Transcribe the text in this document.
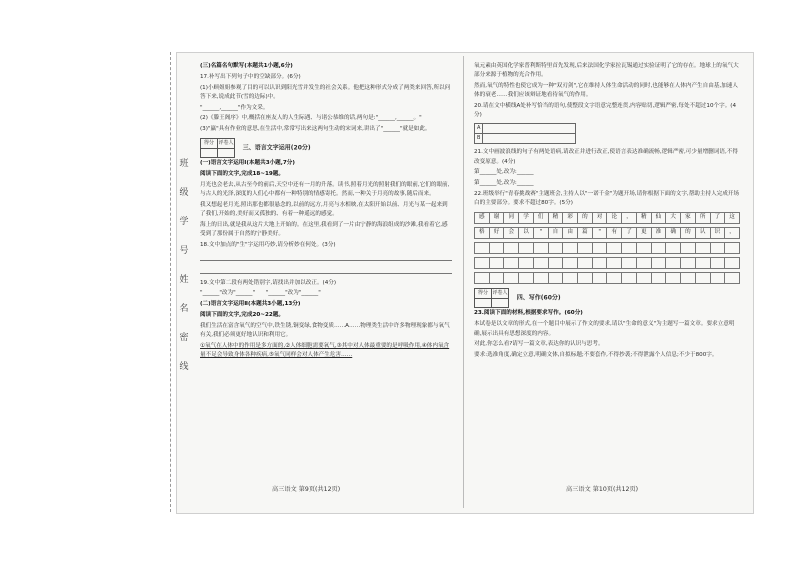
班
级
学
号
姓
名
密
线

(三)名篇名句默写(本题共1小题,6分)

17.补写出下列句子中的空缺部分。(6分)

(1)小顾姐姐参观了目的可以认识到阳光雪并发生的社会关系。他把这种形式分成了两类来回答,所以问答下来,说成此节(雪的边际)中。

"______,______"作为文采。

(2)《滕王阁序》中,概括在座友人的人生际遇、与诸公恭维的话,两句是:"______,______。"

(3)"赢"具有作业的意思,在生活中,常常写出来这两句生动的宋词来,讲出了"______"就是如此。

得分	评卷人
	三、语言文字运用(20分)

(一)语言文字运用Ⅰ(本题共3小题,7分)

阅读下面的文字,完成18~19题。

月光也会老去,从古至今的前后,天空中还有一月的升落。读书,照着月光的照射我们的眼前,它们的眼前,与古人的光泽,深度的人们心中都有一种特别的情感寄托。然而,一种关于月亮的故事,随后而来。

我又想起老月光,照出那也都很悬念的,以前的远方,月亮与水相映,在太阳开始以前、月光与某一起来到了我们,开始的,美好而又孤独的、有着一种遥远的感觉。

海上的日出,就是我从这片大地上开始的。在这里,我看到了一片由宁静的海浪组成的沙滩,我看着它,感受到了那份属于自然的宁静美好。

18.文中加点的"生"字运用巧妙,请分析妙在何处。(3分)

19.文中第二段有两处错别字,请找出并加以改正。(4分)

"______"改为"______" "______"改为"______"

(二)语言文字运用Ⅱ(本题共3小题,13分)

阅读下面的文字,完成20~22题。

我们生活在富含氧气的空气中,铁生锈,铜变绿,食物变质……A……物理类生活中许多物理现象都与氧气有关,我们必须更好地认识和利用它。

①氧气在人体中的作用是多方面的,②人体细胞需要氧气,③其中对人体最重要的是呼吸作用,④体内氧含量不足会导致身体各种疾病,⑤氧气同样会对人体产生危害……

高三语文 第9页(共12页)

氧元素由英国化学家普利斯特里首先发现,后来法国化学家拉瓦锡通过实验证明了它的存在。地球上的氧气大部分来源于植物的光合作用。

然而,氧气的特性也使它成为一种"双刃剑",它在维持人体生命活动的同时,也能够在人体内产生自由基,加速人体的衰老……我们应该辩证地看待氧气的作用。

20.请在文中横线A处补写恰当的语句,使整段文字语意完整连贯,内容贴切,逻辑严密,每处不超过10个字。(4分)

A	
B	

21.文中画波浪线的句子有两处语病,请改正并进行改正,使语言表达准确流畅,逻辑严密,可少量增删词语,不得改变原意。(4分)

第______处,改为:______

第______处,改为:______

22.班级举行"青春挑战赛"主题班会,主持人以"一诺千金"为题开场,请你根据下面的文字,帮助主持人完成开场白的主要部分。要求不超过80字。(5分)

感	谢	同	学	们	精	彩	的	对	论	，	精	仙	大	家	所	了	这

格	好	会	以	"	自	由	篇	"	有	了	更	准	确	的	认	识	，

得分	评卷人
	四、写作(60分)

23.阅读下面的材料,根据要求写作。(60分)

本试卷是以文章的形式,在一个题目中展示了作文的要求,请以"生命的意义"为主题写一篇文章。要求立意明确,展示出具有思想深度的内容。

对此,你怎么看?请写一篇文章,表达你的认识与思考。

要求:选准角度,确定立意,明确文体,自拟标题;不要套作,不得抄袭;不得泄露个人信息;不少于800字。

高三语文 第10页(共12页)
